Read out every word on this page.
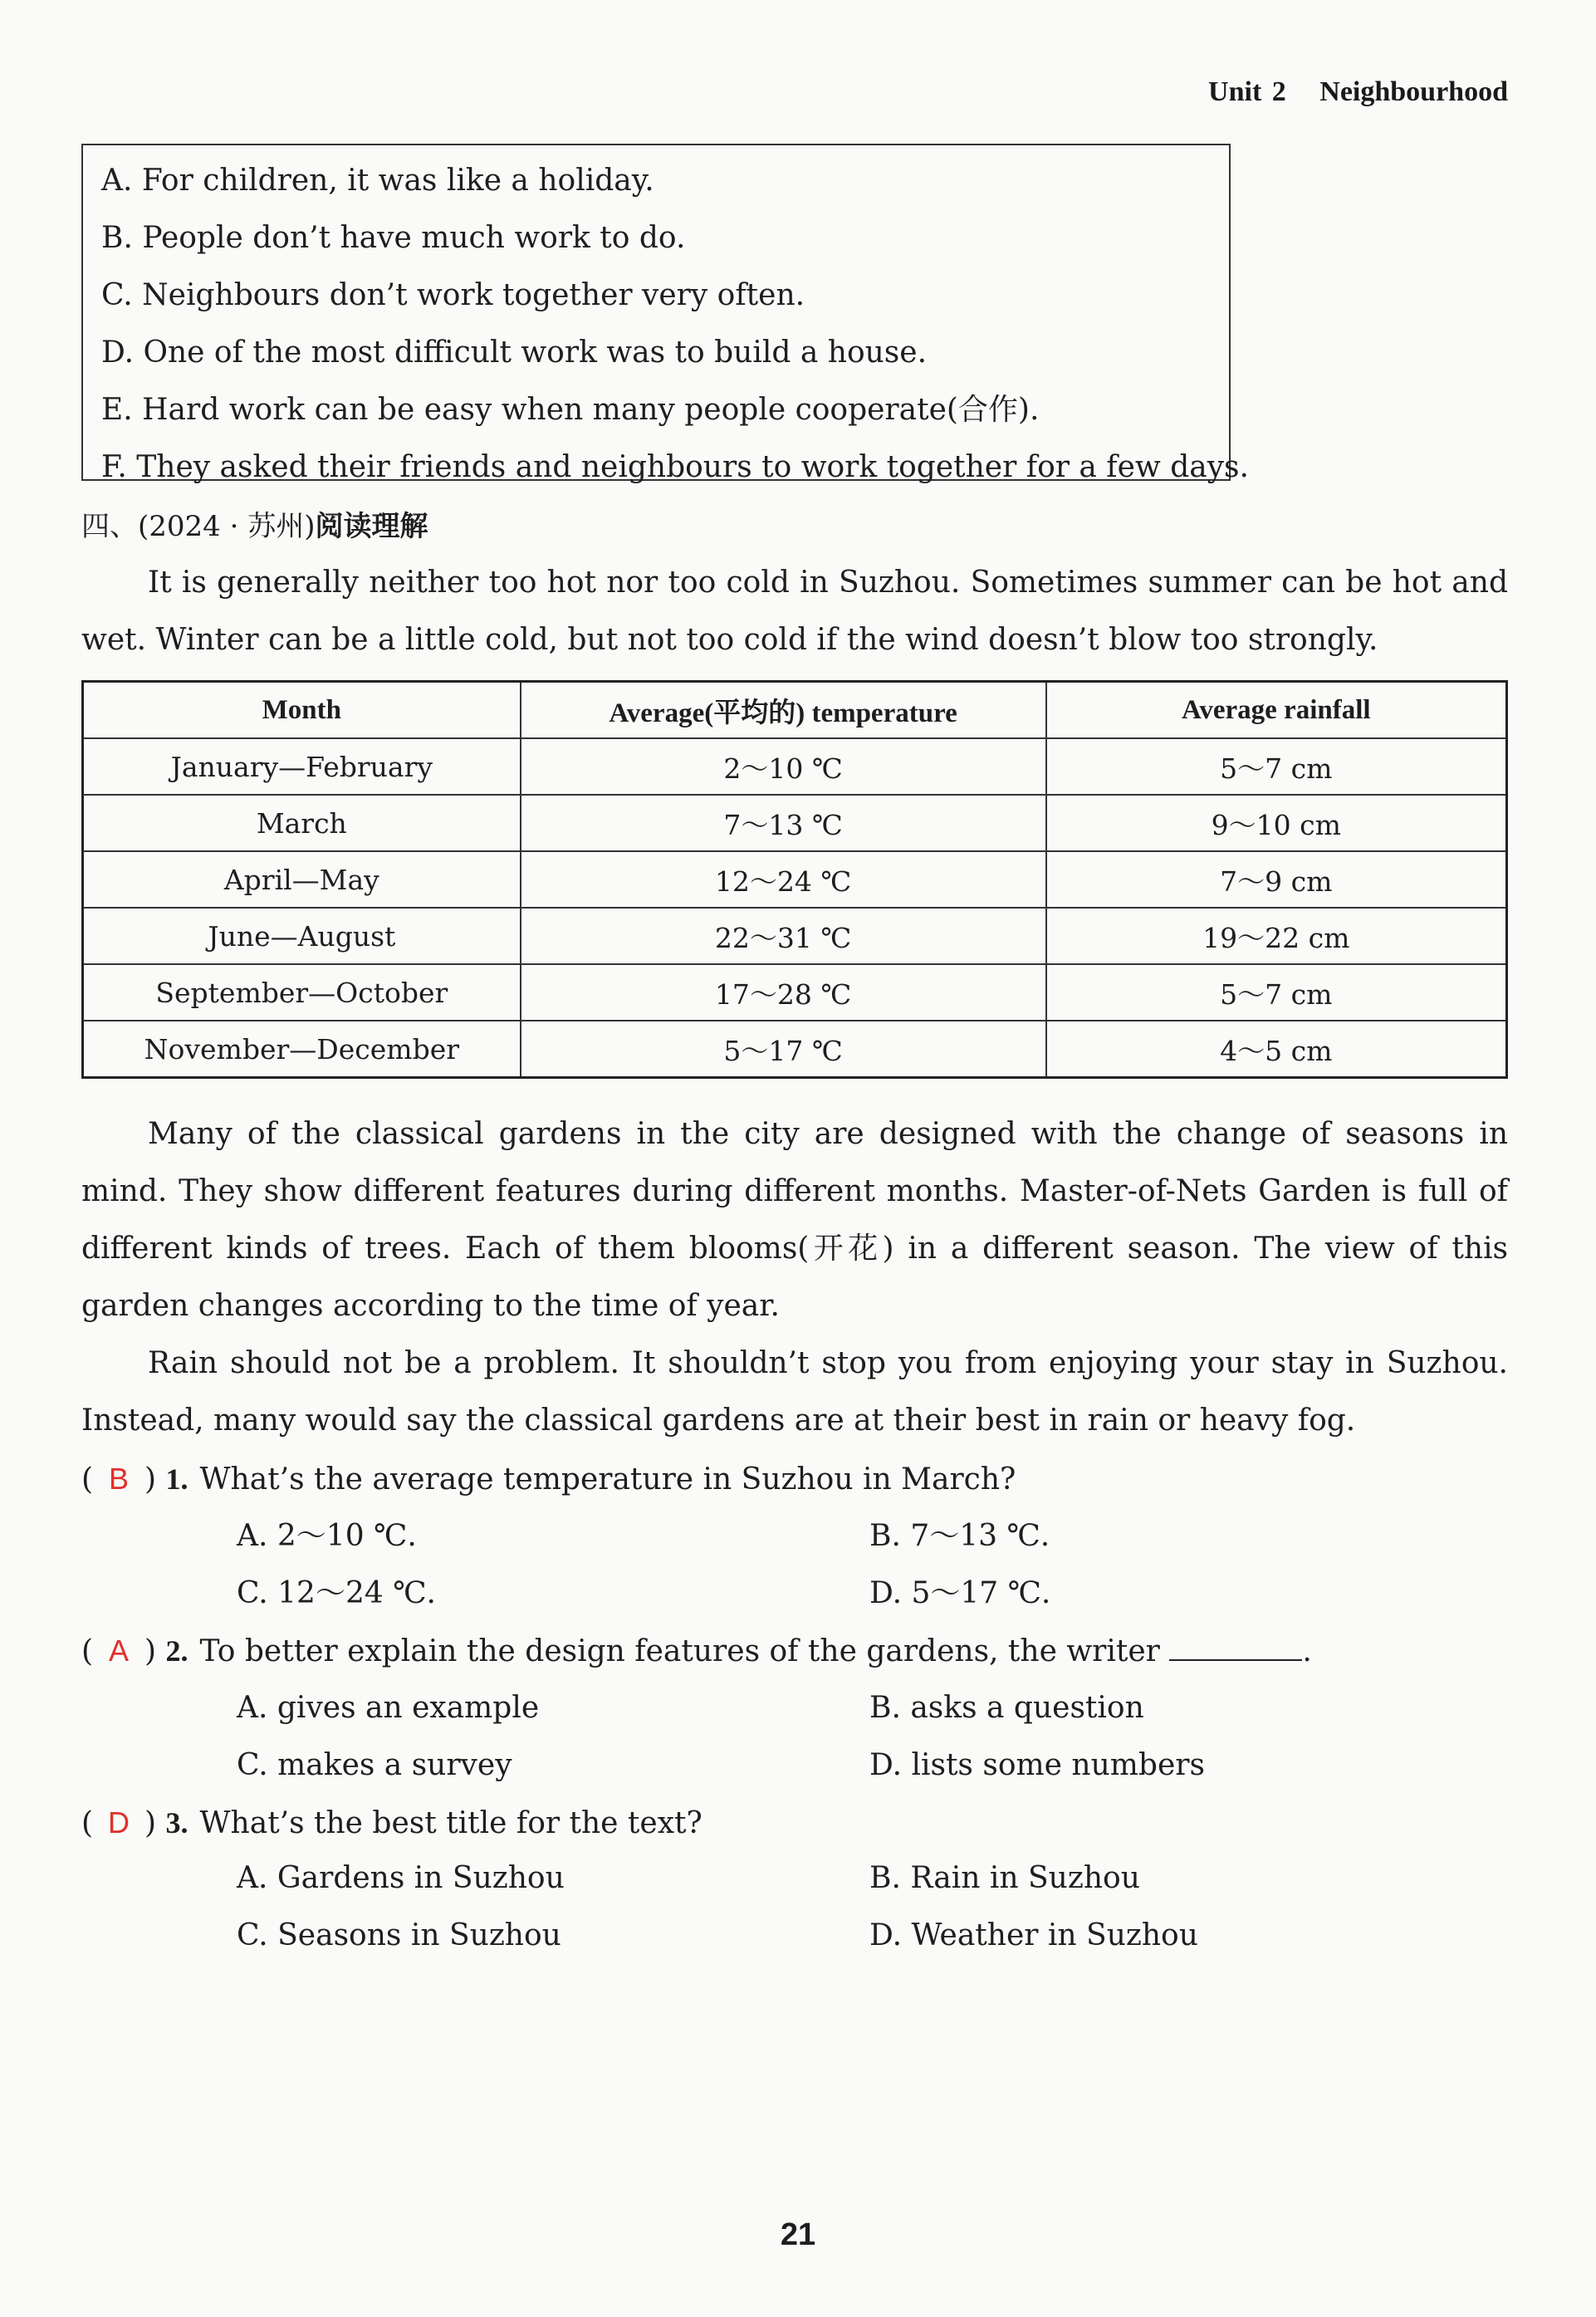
Unit 2 Neighbourhood
A. For children, it was like a holiday.
B. People don’t have much work to do.
C. Neighbours don’t work together very often.
D. One of the most difficult work was to build a house.
E. Hard work can be easy when many people cooperate(合作).
F. They asked their friends and neighbours to work together for a few days.
四、(2024 · 苏州)阅读理解
It is generally neither too hot nor too cold in Suzhou. Sometimes summer can be hot and wet. Winter can be a little cold, but not too cold if the wind doesn’t blow too strongly.
Month	Average(平均的) temperature	Average rainfall
January—February	2～10 ℃	5～7 cm
March	7～13 ℃	9～10 cm
April—May	12～24 ℃	7～9 cm
June—August	22～31 ℃	19～22 cm
September—October	17～28 ℃	5～7 cm
November—December	5～17 ℃	4～5 cm
Many of the classical gardens in the city are designed with the change of seasons in mind. They show different features during different months. Master-of-Nets Garden is full of different kinds of trees. Each of them blooms(开花) in a different season. The view of this garden changes according to the time of year.
Rain should not be a problem. It shouldn’t stop you from enjoying your stay in Suzhou. Instead, many would say the classical gardens are at their best in rain or heavy fog.
( B ) 1. What’s the average temperature in Suzhou in March?
A. 2～10 ℃.	B. 7～13 ℃.
C. 12～24 ℃.	D. 5～17 ℃.
( A ) 2. To better explain the design features of the gardens, the writer	.
A. gives an example	B. asks a question
C. makes a survey	D. lists some numbers
( D ) 3. What’s the best title for the text?
A. Gardens in Suzhou	B. Rain in Suzhou
C. Seasons in Suzhou	D. Weather in Suzhou
21
